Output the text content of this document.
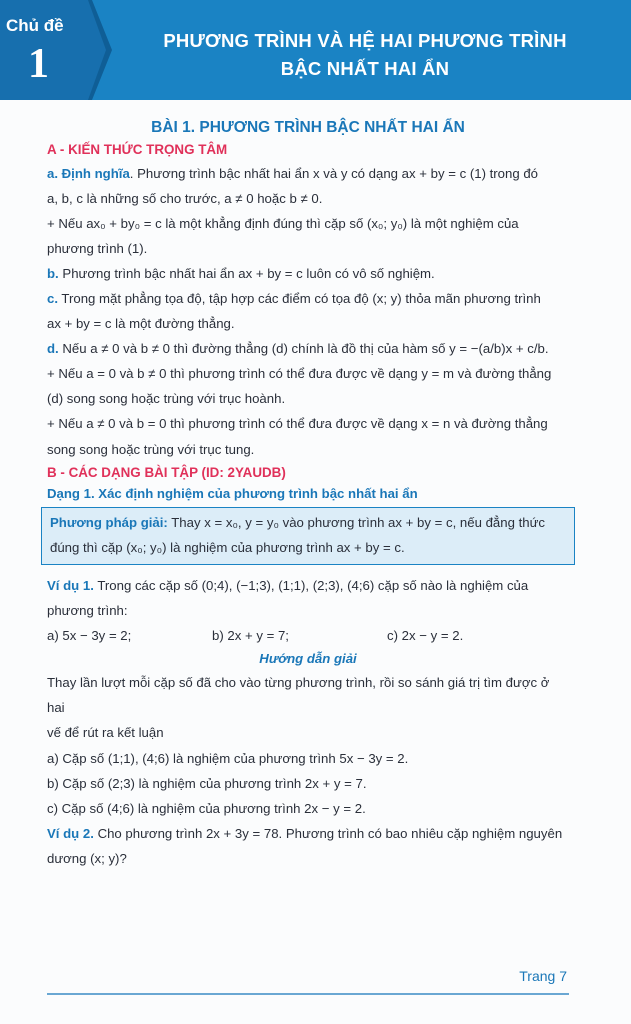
Chủ đề
1
PHƯƠNG TRÌNH VÀ HỆ HAI PHƯƠNG TRÌNH
BẬC NHẤT HAI ẨN
BÀI 1. PHƯƠNG TRÌNH BẬC NHẤT HAI ẨN
A - KIẾN THỨC TRỌNG TÂM

a. Định nghĩa. Phương trình bậc nhất hai ẩn x và y có dạng ax + by = c (1) trong đó

a, b, c là những số cho trước, a ≠ 0 hoặc b ≠ 0.

+ Nếu ax₀ + by₀ = c là một khẳng định đúng thì cặp số (x₀; y₀) là một nghiệm của

phương trình (1).

b. Phương trình bậc nhất hai ẩn ax + by = c luôn có vô số nghiệm.

c. Trong mặt phẳng tọa độ, tập hợp các điểm có tọa độ (x; y) thỏa mãn phương trình

ax + by = c là một đường thẳng.

d. Nếu a ≠ 0 và b ≠ 0 thì đường thẳng (d) chính là đồ thị của hàm số y = −(a/b)x + c/b.

+ Nếu a = 0 và b ≠ 0 thì phương trình có thể đưa được về dạng y = m và đường thẳng

(d) song song hoặc trùng với trục hoành.

+ Nếu a ≠ 0 và b = 0 thì phương trình có thể đưa được về dạng x = n và đường thẳng

song song hoặc trùng với trục tung.

B - CÁC DẠNG BÀI TẬP (ID: 2YAUDB)
Dạng 1. Xác định nghiệm của phương trình bậc nhất hai ẩn

Phương pháp giải: Thay x = x₀, y = y₀ vào phương trình ax + by = c, nếu đẳng thức

đúng thì cặp (x₀; y₀) là nghiệm của phương trình ax + by = c.

Ví dụ 1. Trong các cặp số (0;4), (−1;3), (1;1), (2;3), (4;6) cặp số nào là nghiệm của

phương trình:

a) 5x − 3y = 2;	b) 2x + y = 7;	c) 2x − y = 2.
Hướng dẫn giải

Thay lần lượt mỗi cặp số đã cho vào từng phương trình, rồi so sánh giá trị tìm được ở hai

vế để rút ra kết luận

a) Cặp số (1;1), (4;6) là nghiệm của phương trình 5x − 3y = 2.

b) Cặp số (2;3) là nghiệm của phương trình 2x + y = 7.

c) Cặp số (4;6) là nghiệm của phương trình 2x − y = 2.

Ví dụ 2. Cho phương trình 2x + 3y = 78. Phương trình có bao nhiêu cặp nghiệm nguyên

dương (x; y)?

Trang 7
